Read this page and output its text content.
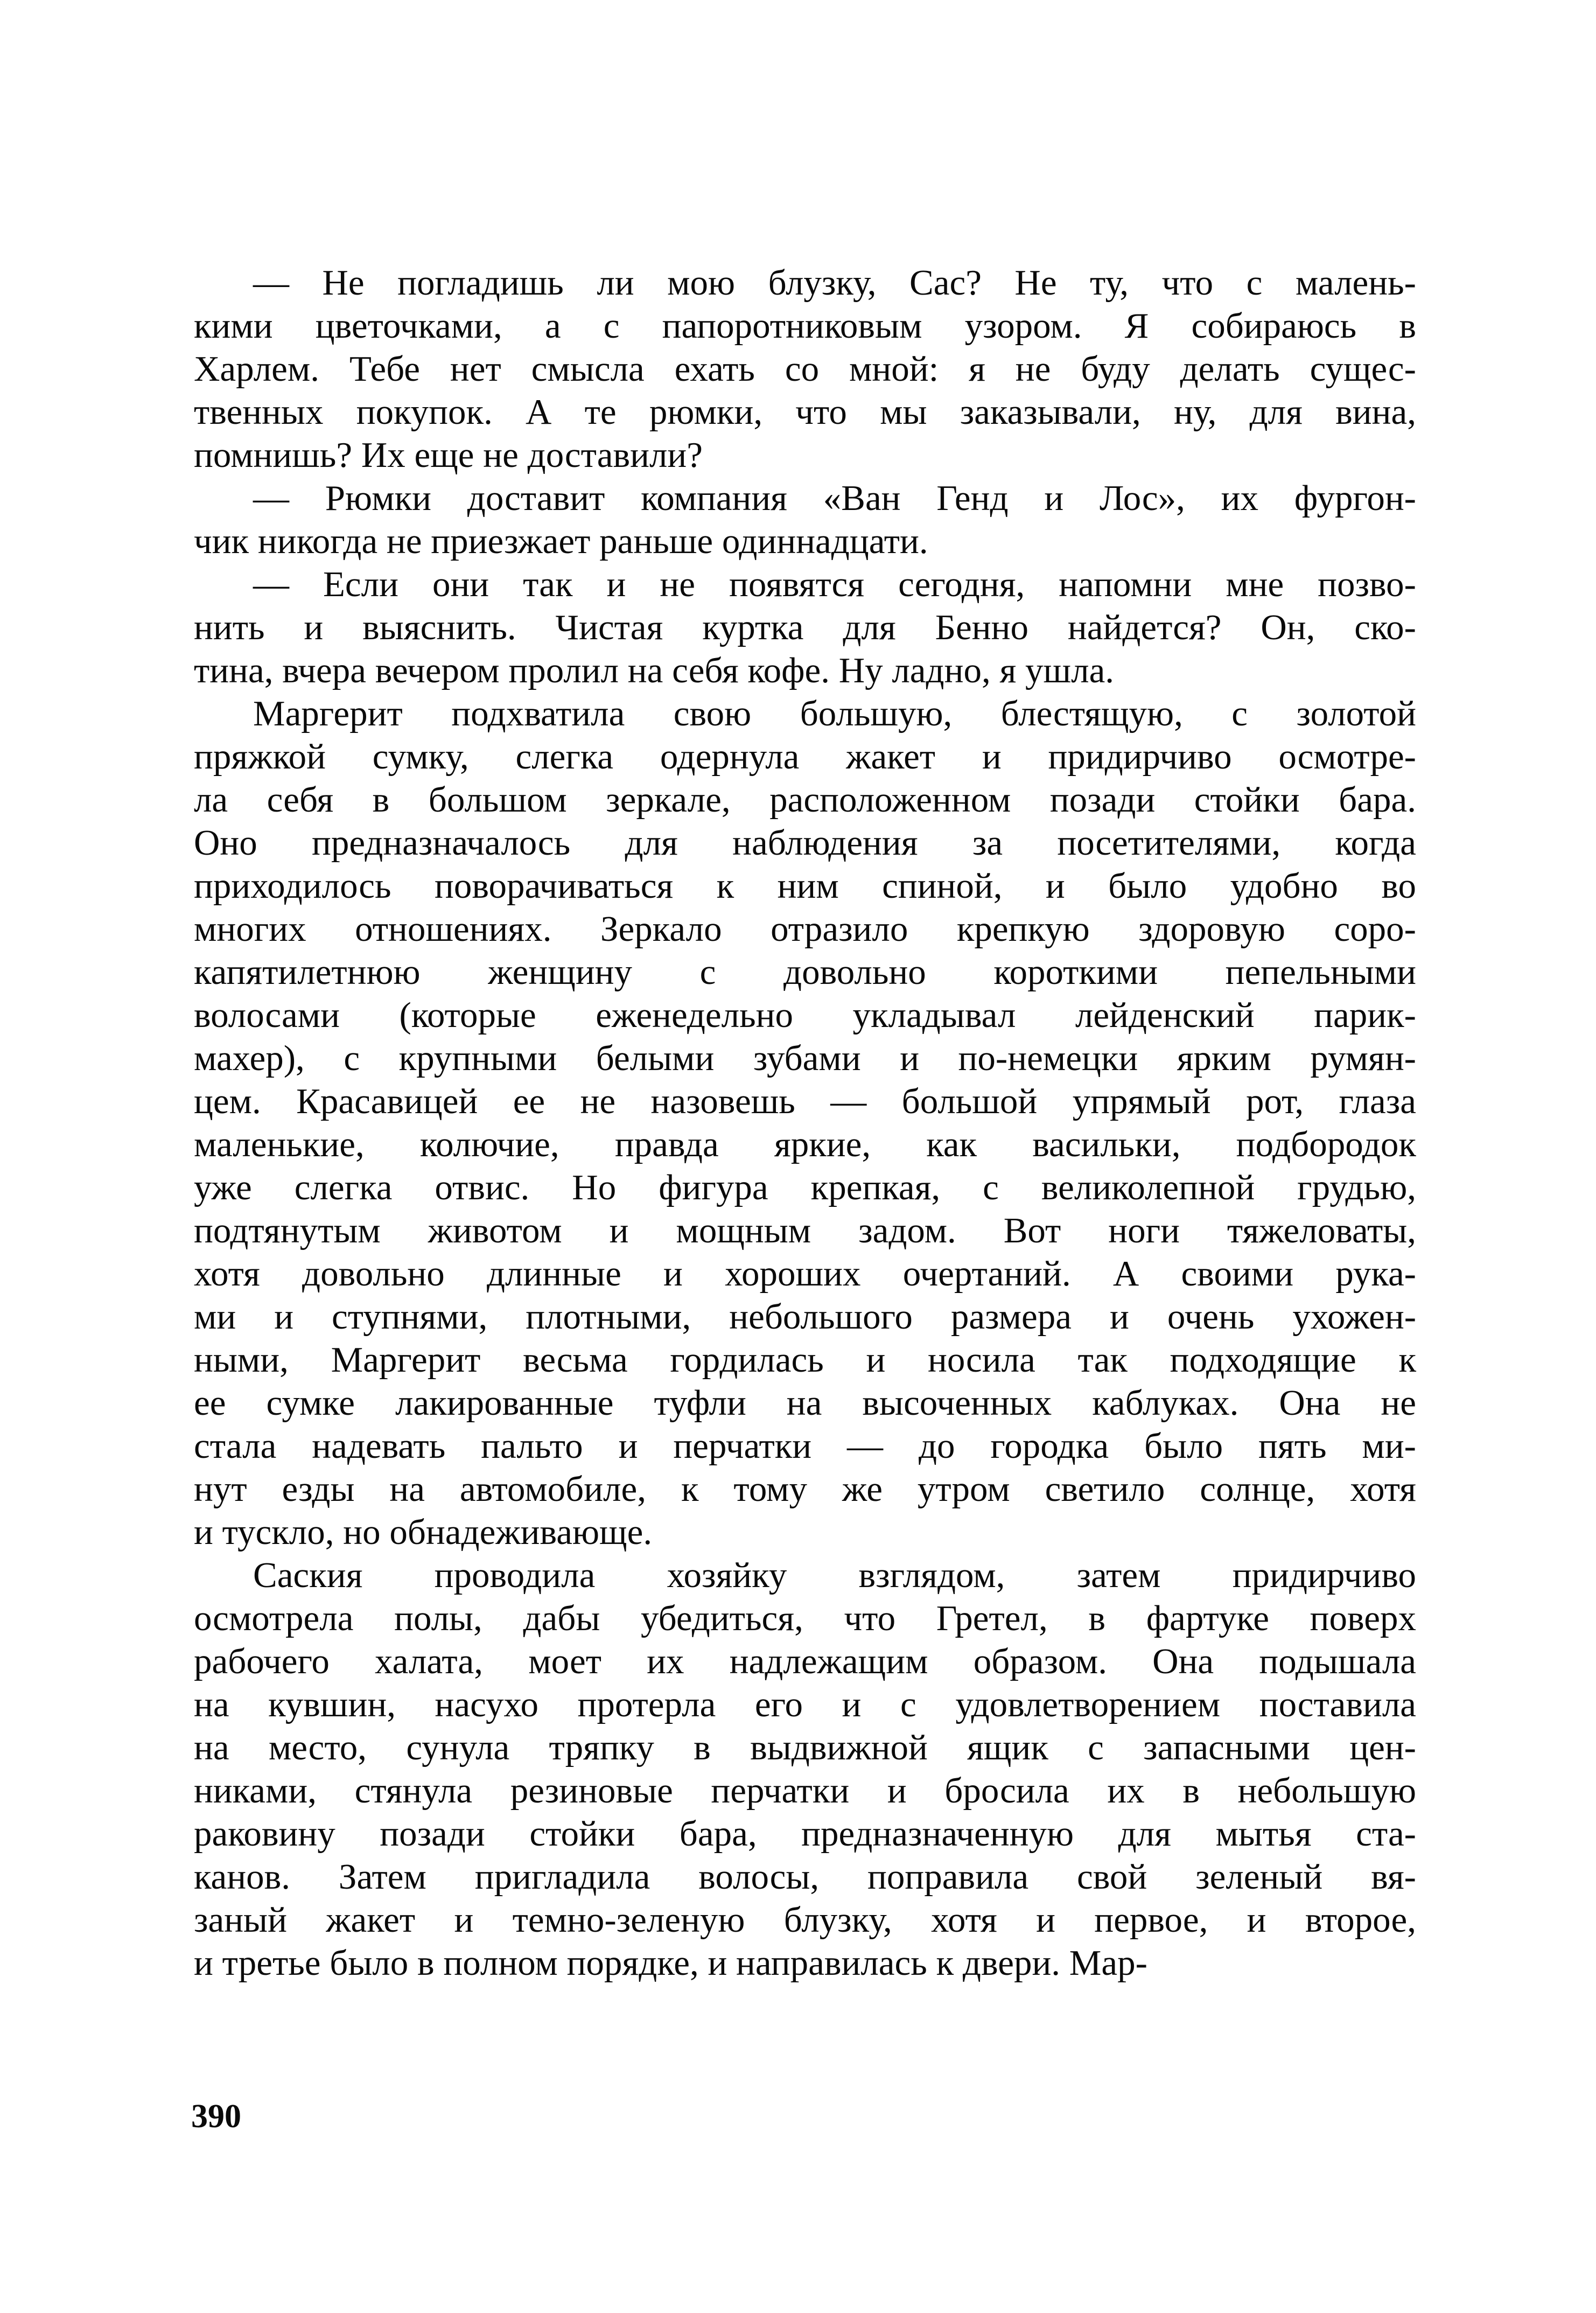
— Не погладишь ли мою блузку, Сас? Не ту, что с малень-
кими цветочками, а с папоротниковым узором. Я собираюсь в
Харлем. Тебе нет смысла ехать со мной: я не буду делать сущес-
твенных покупок. А те рюмки, что мы заказывали, ну, для вина,
помнишь? Их еще не доставили?
— Рюмки доставит компания «Ван Генд и Лос», их фургон-
чик никогда не приезжает раньше одиннадцати.
— Если они так и не появятся сегодня, напомни мне позво-
нить и выяснить. Чистая куртка для Бенно найдется? Он, ско-
тина, вчера вечером пролил на себя кофе. Ну ладно, я ушла.
Маргерит подхватила свою большую, блестящую, с золотой
пряжкой сумку, слегка одернула жакет и придирчиво осмотре-
ла себя в большом зеркале, расположенном позади стойки бара.
Оно предназначалось для наблюдения за посетителями, когда
приходилось поворачиваться к ним спиной, и было удобно во
многих отношениях. Зеркало отразило крепкую здоровую соро-
капятилетнюю женщину с довольно короткими пепельными
волосами (которые еженедельно укладывал лейденский парик-
махер), с крупными белыми зубами и по-немецки ярким румян-
цем. Красавицей ее не назовешь — большой упрямый рот, глаза
маленькие, колючие, правда яркие, как васильки, подбородок
уже слегка отвис. Но фигура крепкая, с великолепной грудью,
подтянутым животом и мощным задом. Вот ноги тяжеловаты,
хотя довольно длинные и хороших очертаний. А своими рука-
ми и ступнями, плотными, небольшого размера и очень ухожен-
ными, Маргерит весьма гордилась и носила так подходящие к
ее сумке лакированные туфли на высоченных каблуках. Она не
стала надевать пальто и перчатки — до городка было пять ми-
нут езды на автомобиле, к тому же утром светило солнце, хотя
и тускло, но обнадеживающе.
Саския проводила хозяйку взглядом, затем придирчиво
осмотрела полы, дабы убедиться, что Гретел, в фартуке поверх
рабочего халата, моет их надлежащим образом. Она подышала
на кувшин, насухо протерла его и с удовлетворением поставила
на место, сунула тряпку в выдвижной ящик с запасными цен-
никами, стянула резиновые перчатки и бросила их в небольшую
раковину позади стойки бара, предназначенную для мытья ста-
канов. Затем пригладила волосы, поправила свой зеленый вя-
заный жакет и темно-зеленую блузку, хотя и первое, и второе,
и третье было в полном порядке, и направилась к двери. Мар-
390
